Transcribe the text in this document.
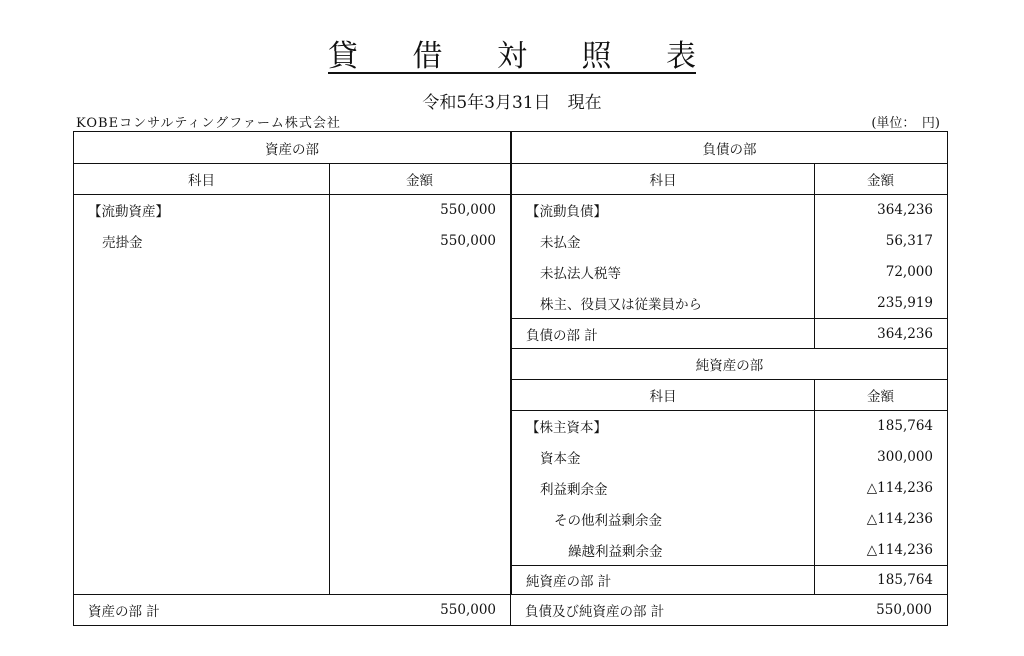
貸 借 対 照 表
令和5年3月31日　現在
KOBEコンサルティングファーム株式会社	(単位：　円)
資産の部
科目	金額
【流動資産】	550,000
売掛金	550,000
負債の部
科目	金額
【流動負債】	364,236
未払金	56,317
未払法人税等	72,000
株主、役員又は従業員から	235,919
負債の部 計	364,236
純資産の部
科目	金額
【株主資本】	185,764
資本金	300,000
利益剰余金	△114,236
その他利益剰余金	△114,236
繰越利益剰余金	△114,236
純資産の部 計	185,764
資産の部 計	550,000	負債及び純資産の部 計	550,000
